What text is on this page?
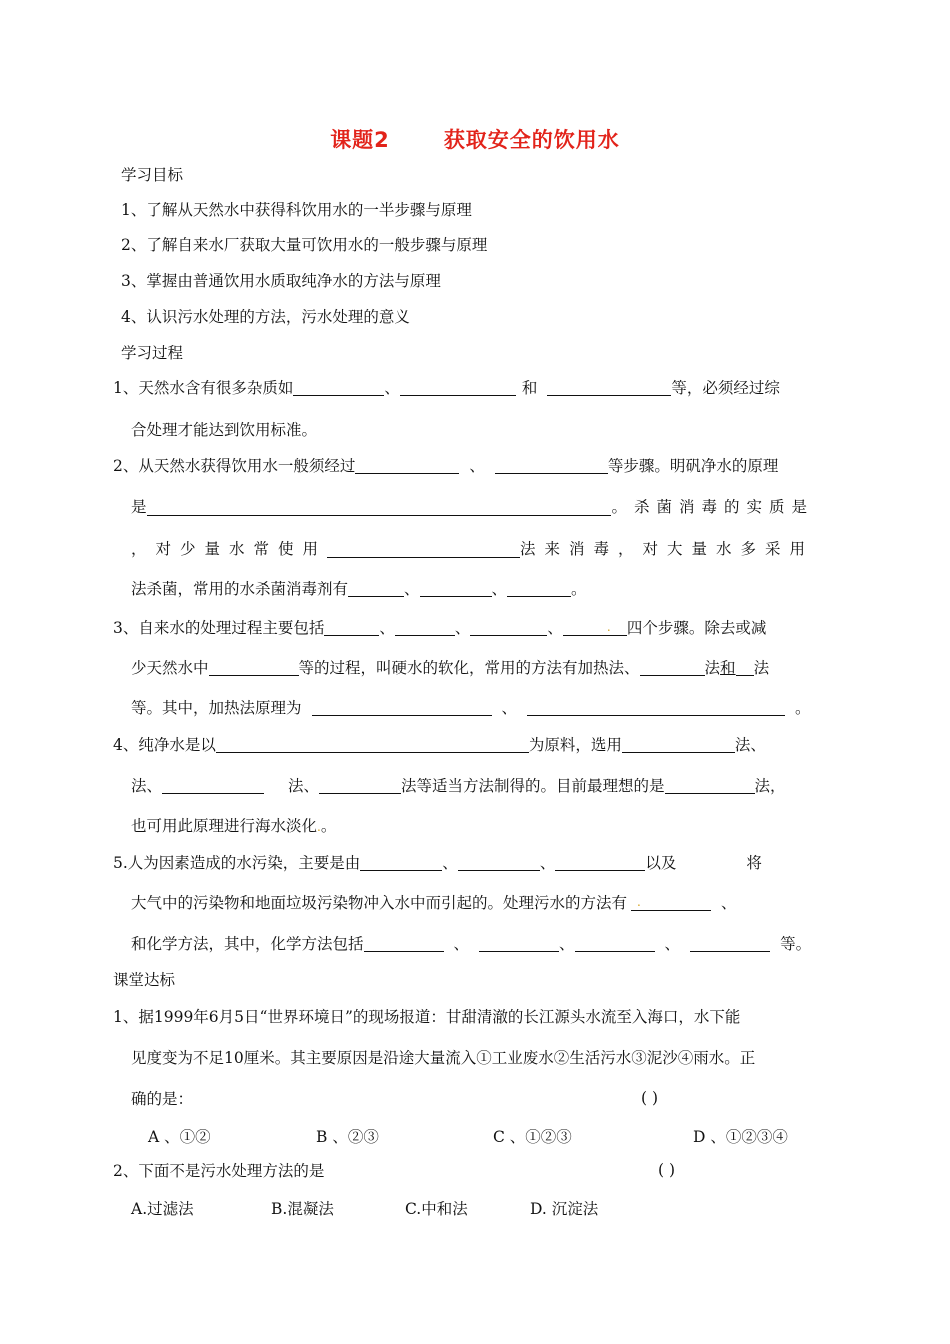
课题2	获取安全的饮用水
学习目标
1、了解从天然水中获得科饮用水的一半步骤与原理
2、了解自来水厂获取大量可饮用水的一般步骤与原理
3、掌握由普通饮用水质取纯净水的方法与原理
4、认识污水处理的方法，污水处理的意义
学习过程
1、天然水含有很多杂质如	、	和	等，必须经过综
合处理才能达到饮用标准。
2、从天然水获得饮用水一般须经过	、	等步骤。明矾净水的原理
是	。杀菌消毒的实质是
，对少量水常使用	法来消毒，对大量水多采用
法杀菌，常用的水杀菌消毒剂有	、	、	。
3、自来水的处理过程主要包括	、	、	、	. 四个步骤。除去或减
少天然水中	等的过程，叫硬水的软化，常用的方法有加热法、	法和 法
等。其中，加热法原理为	、	。
4、纯净水是以	为原料，选用	法、
法、	法、	法等适当方法制得的。目前最理想的是	法，
也可用此原理进行海水淡化.。
5.人为因素造成的水污染，主要是由	、	、	以及	将
大气中的污染物和地面垃圾污染物冲入水中而引起的。处理污水的方法有 .	、
和化学方法，其中，化学方法包括	、	、	、	等。
课堂达标
1、据1999年6月5日“世界环境日”的现场报道：甘甜清澈的长江源头水流至入海口，水下能
见度变为不足10厘米。其主要原因是沿途大量流入①工业废水②生活污水③泥沙④雨水。正
确的是：	( )
A 、①②	B 、②③	C 、①②③	D 、①②③④
2、下面不是污水处理方法的是	( )
A.过滤法	B.混凝法	C.中和法	D. 沉淀法
